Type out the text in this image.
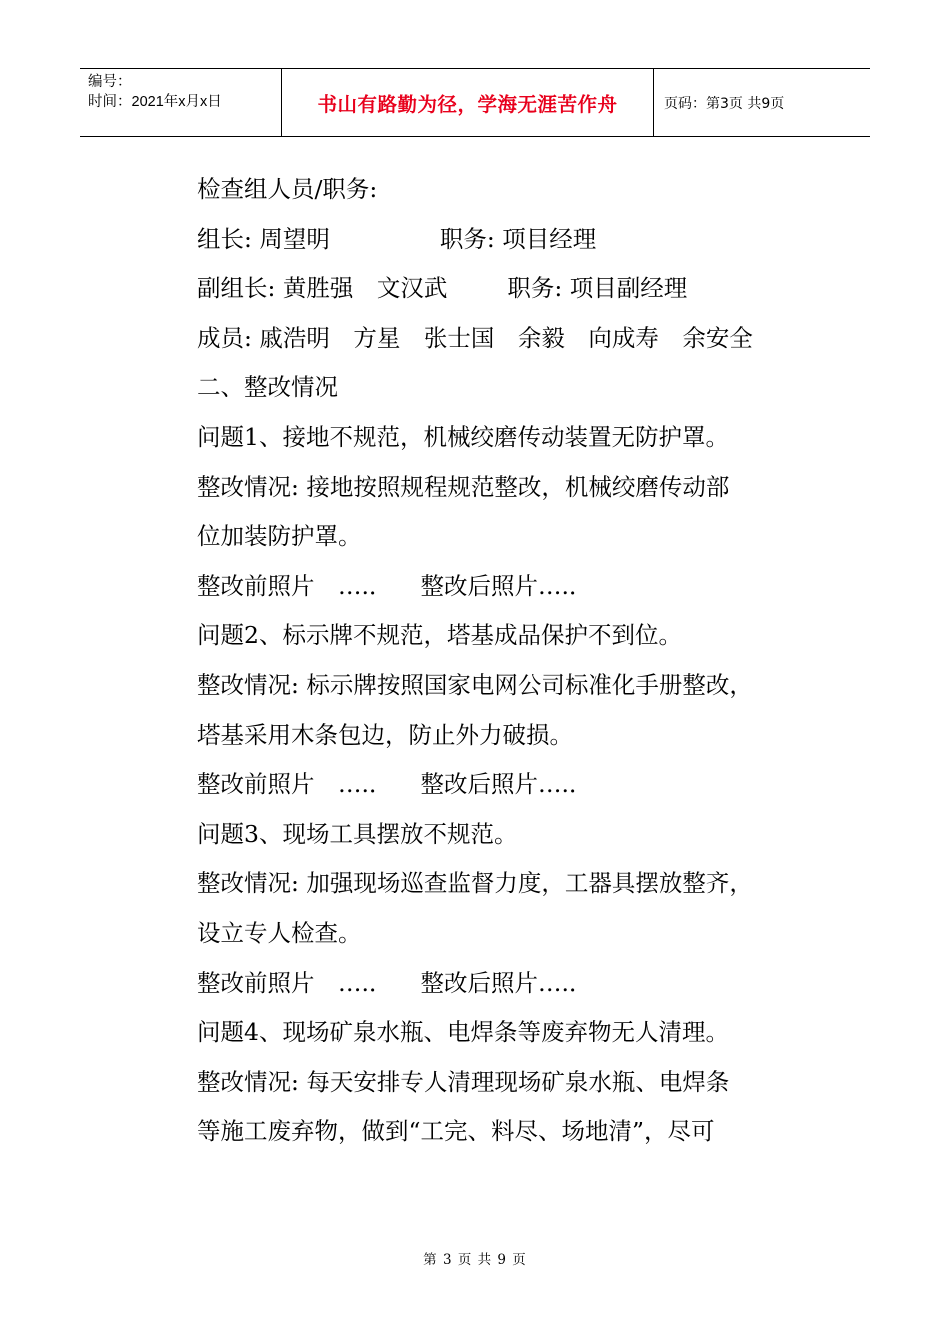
编号：
时间：2021年x月x日	书山有路勤为径，学海无涯苦作舟	页码：第3页 共9页

检查组人员/职务:

组长: 周望明	职务: 项目经理

副组长: 黄胜强　文汉武	职务: 项目副经理

成员: 戚浩明　方星　张士国　余毅　向成寿　余安全

二、整改情况

问题1、接地不规范，机械绞磨传动装置无防护罩。

整改情况: 接地按照规程规范整改，机械绞磨传动部

位加装防护罩。

整改前照片　….． 整改后照片….．

问题2、标示牌不规范，塔基成品保护不到位。

整改情况: 标示牌按照国家电网公司标准化手册整改，

塔基采用木条包边，防止外力破损。

整改前照片　….． 整改后照片….．

问题3、现场工具摆放不规范。

整改情况: 加强现场巡查监督力度，工器具摆放整齐，

设立专人检查。

整改前照片　….． 整改后照片….．

问题4、现场矿泉水瓶、电焊条等废弃物无人清理。

整改情况: 每天安排专人清理现场矿泉水瓶、电焊条

等施工废弃物，做到“工完、料尽、场地清”，尽可

第 3 页 共 9 页
